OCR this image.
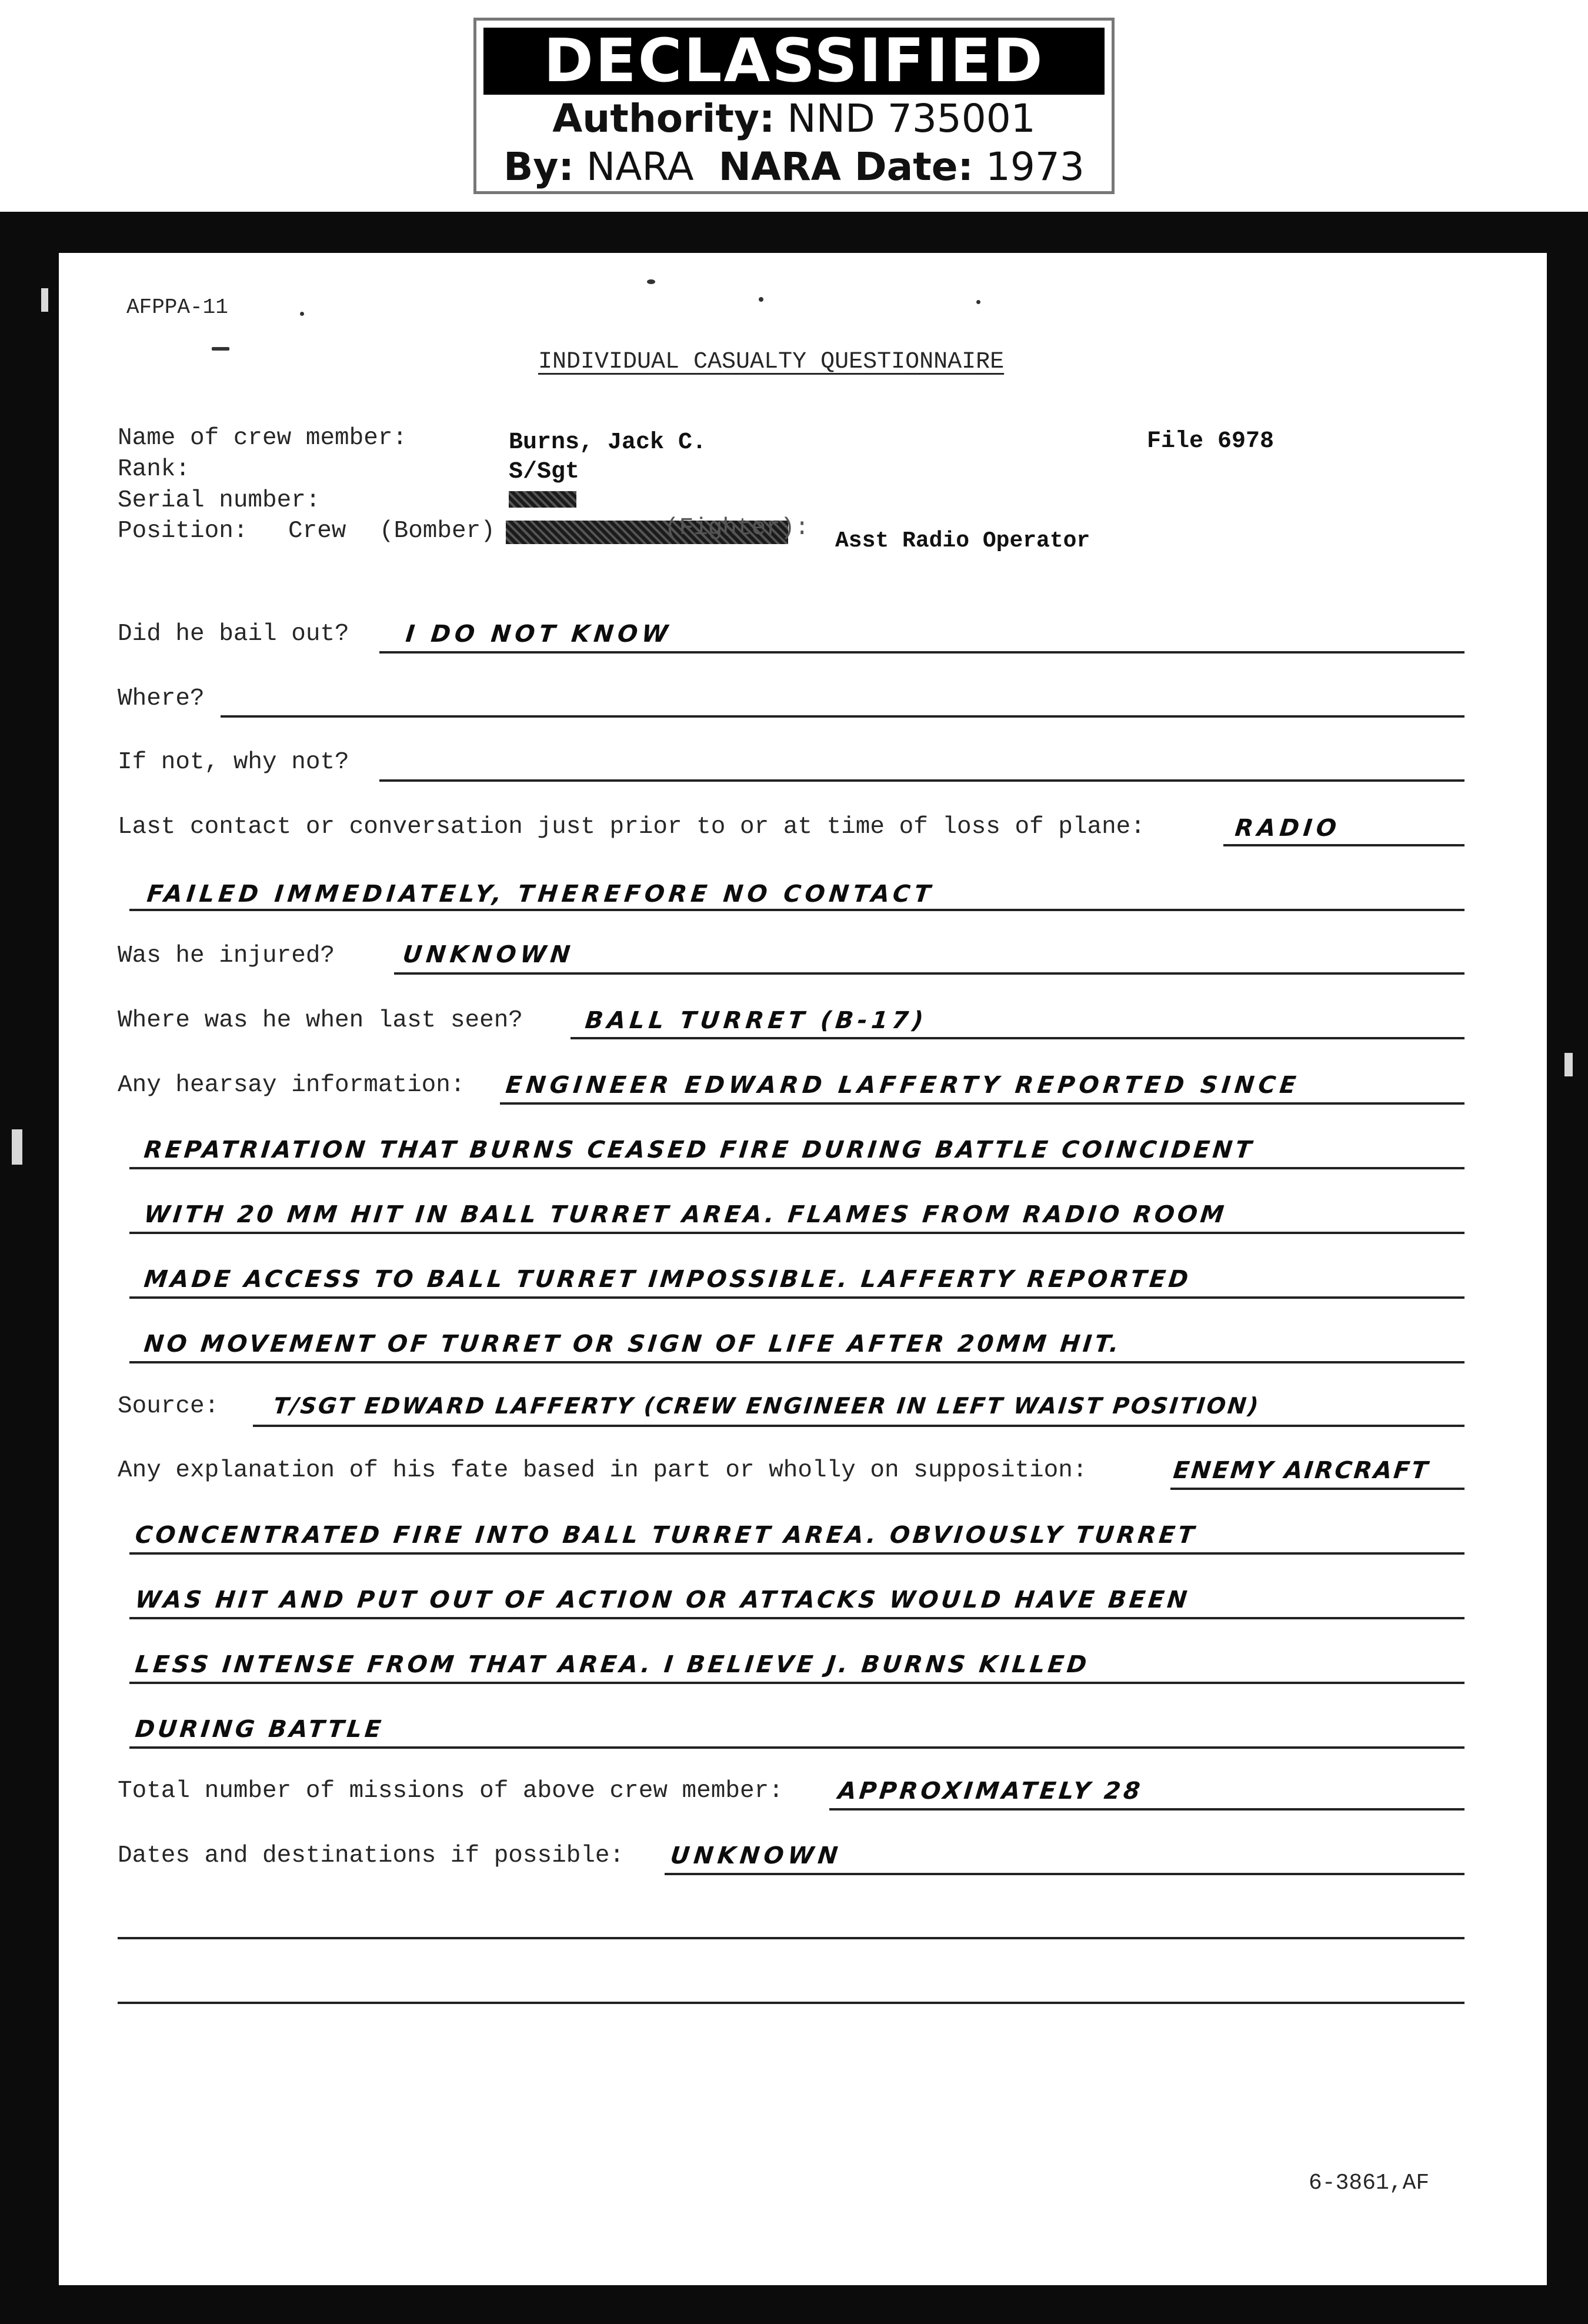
DECLASSIFIED
Authority: NND 735001
By: NARA NARA Date: 1973
AFPPA-11
INDIVIDUAL CASUALTY QUESTIONNAIRE
Name of crew member:	Burns, Jack C.	File 6978
Rank:	S/Sgt
Serial number:
Position: Crew (Bomber)	(Fighter): Asst Radio Operator
Did he bail out? I DO NOT KNOW
Where?
If not, why not?
Last contact or conversation just prior to or at time of loss of plane:	RADIO
FAILED IMMEDIATELY, THEREFORE NO CONTACT
Was he injured?	UNKNOWN
Where was he when last seen?	BALL TURRET (B-17)
Any hearsay information: ENGINEER EDWARD LAFFERTY REPORTED SINCE
REPATRIATION THAT BURNS CEASED FIRE DURING BATTLE COINCIDENT
WITH 20 MM HIT IN BALL TURRET AREA. FLAMES FROM RADIO ROOM
MADE ACCESS TO BALL TURRET IMPOSSIBLE. LAFFERTY REPORTED
NO MOVEMENT OF TURRET OR SIGN OF LIFE AFTER 20MM HIT.
Source: T/SGT EDWARD LAFFERTY (CREW ENGINEER IN LEFT WAIST POSITION)
Any explanation of his fate based in part or wholly on supposition:	ENEMY AIRCRAFT
CONCENTRATED FIRE INTO BALL TURRET AREA. OBVIOUSLY TURRET
WAS HIT AND PUT OUT OF ACTION OR ATTACKS WOULD HAVE BEEN
LESS INTENSE FROM THAT AREA. I BELIEVE J. BURNS KILLED
DURING BATTLE
Total number of missions of above crew member: APPROXIMATELY 28
Dates and destinations if possible: UNKNOWN
6-3861,AF
